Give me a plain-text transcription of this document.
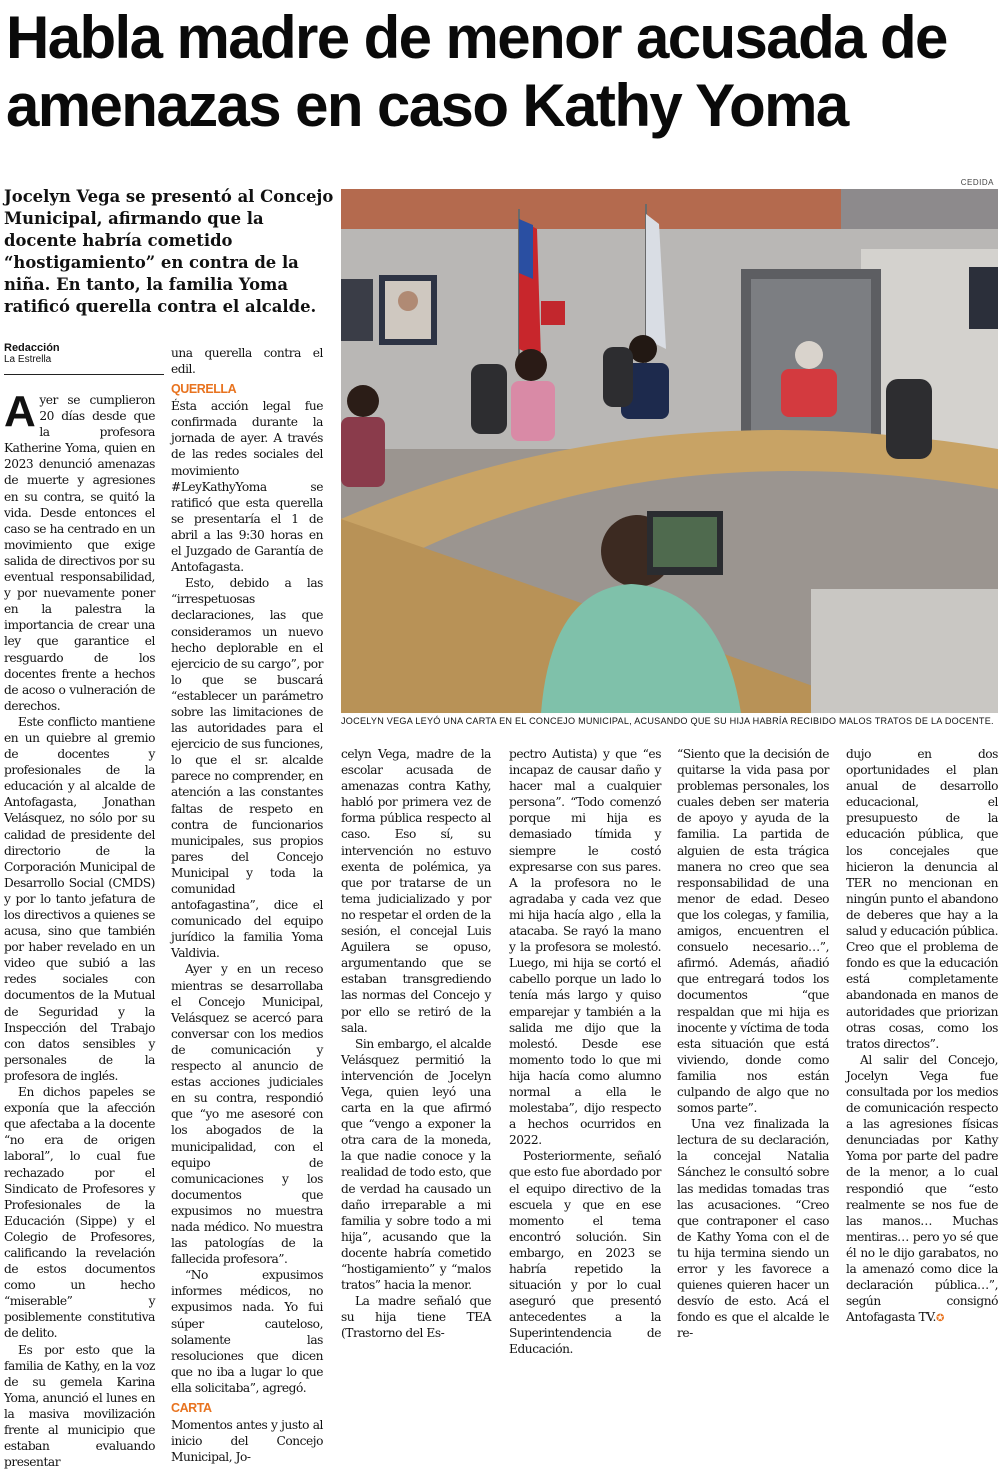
Habla madre de menor acusada de amenazas en caso Kathy Yoma
CEDIDA

Jocelyn Vega se presentó al Concejo Municipal, afirmando que la docente habría cometido “hostigamiento” en contra de la niña. En tanto, la familia Yoma ratificó querella contra el alcalde.

Redacción
La Estrella
JOCELYN VEGA LEYÓ UNA CARTA EN EL CONCEJO MUNICIPAL, ACUSANDO QUE SU HIJA HABRÍA RECIBIDO MALOS TRATOS DE LA DOCENTE.

Ayer se cumplieron 20 días desde que la profesora Katherine Yoma, quien en 2023 denunció amenazas de muerte y agresiones en su contra, se quitó la vida. Desde entonces el caso se ha centrado en un movimiento que exige salida de directivos por su eventual responsabilidad, y por nuevamente poner en la palestra la importancia de crear una ley que garantice el resguardo de los docentes frente a hechos de acoso o vulneración de derechos.

Este conflicto mantiene en un quiebre al gremio de docentes y profesionales de la educación y al alcalde de Antofagasta, Jonathan Velásquez, no sólo por su calidad de presidente del directorio de la Corporación Municipal de Desarrollo Social (CMDS) y por lo tanto jefatura de los directivos a quienes se acusa, sino que también por haber revelado en un video que subió a las redes sociales con documentos de la Mutual de Seguridad y la Inspección del Trabajo con datos sensibles y personales de la profesora de inglés.

En dichos papeles se exponía que la afección que afectaba a la docente “no era de origen laboral”, lo cual fue rechazado por el Sindicato de Profesores y Profesionales de la Educación (Sippe) y el Colegio de Profesores, calificando la revelación de estos documentos como un hecho “miserable” y posiblemente constitutiva de delito.

Es por esto que la familia de Kathy, en la voz de su gemela Karina Yoma, anunció el lunes en la masiva movilización frente al municipio que estaban evaluando presentar

una querella contra el edil.

QUERELLA

Ésta acción legal fue confirmada durante la jornada de ayer. A través de las redes sociales del movimiento #LeyKathyYoma se ratificó que esta querella se presentaría el 1 de abril a las 9:30 horas en el Juzgado de Garantía de Antofagasta.

Esto, debido a las “irrespetuosas declaraciones, las que consideramos un nuevo hecho deplorable en el ejercicio de su cargo”, por lo que se buscará “establecer un parámetro sobre las limitaciones de las autoridades para el ejercicio de sus funciones, lo que el sr. alcalde parece no comprender, en atención a las constantes faltas de respeto en contra de funcionarios municipales, sus propios pares del Concejo Municipal y toda la comunidad antofagastina”, dice el comunicado del equipo jurídico la familia Yoma Valdivia.

Ayer y en un receso mientras se desarrollaba el Concejo Municipal, Velásquez se acercó para conversar con los medios de comunicación y respecto al anuncio de estas acciones judiciales en su contra, respondió que “yo me asesoré con los abogados de la municipalidad, con el equipo de comunicaciones y los documentos que expusimos no muestra nada médico. No muestra las patologías de la fallecida profesora”.

“No expusimos informes médicos, no expusimos nada. Yo fui súper cauteloso, solamente las resoluciones que dicen que no iba a lugar lo que ella solicitaba”, agregó.

CARTA

Momentos antes y justo al inicio del Concejo Municipal, Jo-

celyn Vega, madre de la escolar acusada de amenazas contra Kathy, habló por primera vez de forma pública respecto al caso. Eso sí, su intervención no estuvo exenta de polémica, ya que por tratarse de un tema judicializado y por no respetar el orden de la sesión, el concejal Luis Aguilera se opuso, argumentando que se estaban transgrediendo las normas del Concejo y por ello se retiró de la sala.

Sin embargo, el alcalde Velásquez permitió la intervención de Jocelyn Vega, quien leyó una carta en la que afirmó que “vengo a exponer la otra cara de la moneda, la que nadie conoce y la realidad de todo esto, que de verdad ha causado un daño irreparable a mi familia y sobre todo a mi hija”, acusando que la docente habría cometido “hostigamiento” y “malos tratos” hacia la menor.

La madre señaló que su hija tiene TEA (Trastorno del Es-

pectro Autista) y que “es incapaz de causar daño y hacer mal a cualquier persona”. “Todo comenzó porque mi hija es demasiado tímida y siempre le costó expresarse con sus pares. A la profesora no le agradaba y cada vez que mi hija hacía algo , ella la atacaba. Se rayó la mano y la profesora se molestó. Luego, mi hija se cortó el cabello porque un lado lo tenía más largo y quiso emparejar y también a la salida me dijo que la molestó. Desde ese momento todo lo que mi hija hacía como alumno normal a ella le molestaba”, dijo respecto a hechos ocurridos en 2022.

Posteriormente, señaló que esto fue abordado por el equipo directivo de la escuela y que en ese momento el tema encontró solución. Sin embargo, en 2023 se habría repetido la situación y por lo cual aseguró que presentó antecedentes a la Superintendencia de Educación.

“Siento que la decisión de quitarse la vida pasa por problemas personales, los cuales deben ser materia de apoyo y ayuda de la familia. La partida de alguien de esta trágica manera no creo que sea responsabilidad de una menor de edad. Deseo que los colegas, y familia, amigos, encuentren el consuelo necesario…”, afirmó. Además, añadió que entregará todos los documentos “que respaldan que mi hija es inocente y víctima de toda esta situación que está viviendo, donde como familia nos están culpando de algo que no somos parte”.

Una vez finalizada la lectura de su declaración, la concejal Natalia Sánchez le consultó sobre las medidas tomadas tras las acusaciones. “Creo que contraponer el caso de Kathy Yoma con el de tu hija termina siendo un error y les favorece a quienes quieren hacer un desvío de esto. Acá el fondo es que el alcalde le re-

dujo en dos oportunidades el plan anual de desarrollo educacional, el presupuesto de la educación pública, que los concejales que hicieron la denuncia al TER no mencionan en ningún punto el abandono de deberes que hay a la salud y educación pública. Creo que el problema de fondo es que la educación está completamente abandonada en manos de autoridades que priorizan otras cosas, como los tratos directos”.

Al salir del Concejo, Jocelyn Vega fue consultada por los medios de comunicación respecto a las agresiones físicas denunciadas por Kathy Yoma por parte del padre de la menor, a lo cual respondió que “esto realmente se nos fue de las manos… Muchas mentiras… pero yo sé que él no le dijo garabatos, no la amenazó como dice la declaración pública…”, según consignó Antofagasta TV.✪
